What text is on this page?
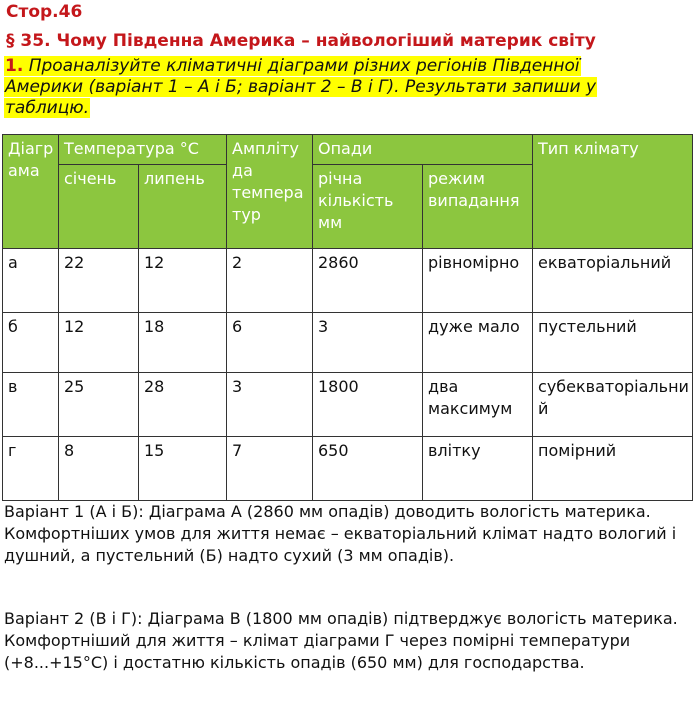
Стор.46
§ 35. Чому Південна Америка – найвологіший материк світу
1. Проаналізуйте кліматичні діаграми різних регіонів Південної Америки (варіант 1 – А і Б; варіант 2 – В і Г). Результати запиши у таблицю.
Діаграма	Температура °С		Амплітуда температур	Опади		Тип клімату
	січень	липень		річна кількість мм	режим випадання	
а	22	12	2	2860	рівномірно	екваторіальний
б	12	18	6	3	дуже мало	пустельний
в	25	28	3	1800	два максимум	субекваторіальний
г	8	15	7	650	влітку	помірний
Варіант 1 (А і Б): Діаграма А (2860 мм опадів) доводить вологість материка. Комфортніших умов для життя немає – екваторіальний клімат надто вологий і душний, а пустельний (Б) надто сухий (3 мм опадів).
Варіант 2 (В і Г): Діаграма В (1800 мм опадів) підтверджує вологість материка. Комфортніший для життя – клімат діаграми Г через помірні температури (+8...+15°С) і достатню кількість опадів (650 мм) для господарства.
